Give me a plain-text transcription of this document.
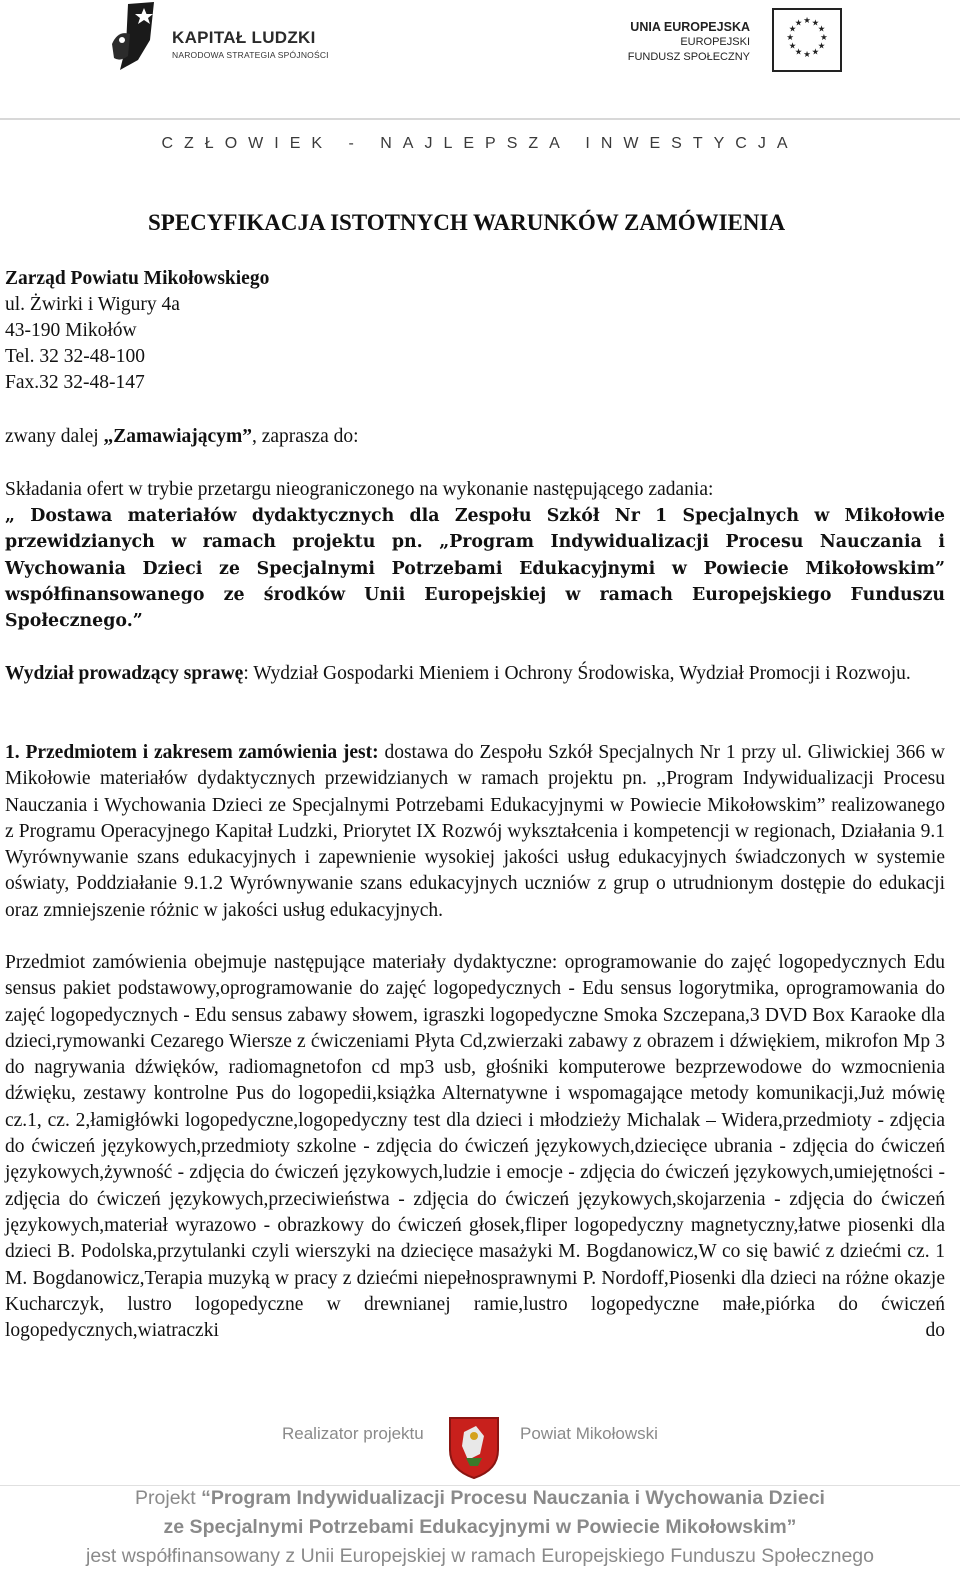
KAPITAŁ LUDZKI
NARODOWA STRATEGIA SPÓJNOŚCI
UNIA EUROPEJSKA
EUROPEJSKI
FUNDUSZ SPOŁECZNY
★ ★
★
★
★
★
★
★
★
★
★
★
CZŁOWIEK - NAJLEPSZA INWESTYCJA
SPECYFIKACJA ISTOTNYCH WARUNKÓW ZAMÓWIENIA
Zarząd Powiatu Mikołowskiego
ul. Żwirki i Wigury 4a
43-190 Mikołów
Tel. 32 32-48-100
Fax.32 32-48-147
zwany dalej „Zamawiającym”, zaprasza do:
Składania ofert w trybie przetargu nieograniczonego na wykonanie następującego zadania:
„ Dostawa materiałów dydaktycznych dla Zespołu Szkół Nr 1 Specjalnych w Mikołowie przewidzianych w ramach projektu pn. „Program Indywidualizacji Procesu Nauczania i Wychowania Dzieci ze Specjalnymi Potrzebami Edukacyjnymi w Powiecie Mikołowskim” współfinansowanego ze środków Unii Europejskiej w ramach Europejskiego Funduszu Społecznego.”
Wydział prowadzący sprawę: Wydział Gospodarki Mieniem i Ochrony Środowiska, Wydział Promocji i Rozwoju.
1. Przedmiotem i zakresem zamówienia jest: dostawa do Zespołu Szkół Specjalnych Nr 1 przy ul. Gliwickiej 366 w Mikołowie materiałów dydaktycznych przewidzianych w ramach projektu pn. ,,Program Indywidualizacji Procesu Nauczania i Wychowania Dzieci ze Specjalnymi Potrzebami Edukacyjnymi w Powiecie Mikołowskim” realizowanego z Programu Operacyjnego Kapitał Ludzki, Priorytet IX Rozwój wykształcenia i kompetencji w regionach, Działania 9.1 Wyrównywanie szans edukacyjnych i zapewnienie wysokiej jakości usług edukacyjnych świadczonych w systemie oświaty, Poddziałanie 9.1.2 Wyrównywanie szans edukacyjnych uczniów z grup o utrudnionym dostępie do edukacji oraz zmniejszenie różnic w jakości usług edukacyjnych.
Przedmiot zamówienia obejmuje następujące materiały dydaktyczne: oprogramowanie do zajęć logopedycznych Edu sensus pakiet podstawowy,oprogramowanie do zajęć logopedycznych - Edu sensus logorytmika, oprogramowania do zajęć logopedycznych - Edu sensus zabawy słowem, igraszki logopedyczne Smoka Szczepana,3 DVD Box Karaoke dla dzieci,rymowanki Cezarego Wiersze z ćwiczeniami Płyta Cd,zwierzaki zabawy z obrazem i dźwiękiem, mikrofon Mp 3 do nagrywania dźwięków, radiomagnetofon cd mp3 usb, głośniki komputerowe bezprzewodowe do wzmocnienia dźwięku, zestawy kontrolne Pus do logopedii,książka Alternatywne i wspomagające metody komunikacji,Już mówię cz.1, cz. 2,łamigłówki logopedyczne,logopedyczny test dla dzieci i młodzieży Michalak – Widera,przedmioty - zdjęcia do ćwiczeń językowych,przedmioty szkolne - zdjęcia do ćwiczeń językowych,dziecięce ubrania - zdjęcia do ćwiczeń językowych,żywność - zdjęcia do ćwiczeń językowych,ludzie i emocje - zdjęcia do ćwiczeń językowych,umiejętności - zdjęcia do ćwiczeń językowych,przeciwieństwa - zdjęcia do ćwiczeń językowych,skojarzenia - zdjęcia do ćwiczeń językowych,materiał wyrazowo - obrazkowy do ćwiczeń głosek,fliper logopedyczny magnetyczny,łatwe piosenki dla dzieci B. Podolska,przytulanki czyli wierszyki na dziecięce masażyki M. Bogdanowicz,W co się bawić z dziećmi cz. 1 M. Bogdanowicz,Terapia muzyką w pracy z dziećmi niepełnosprawnymi P. Nordoff,Piosenki dla dzieci na różne okazje Kucharczyk, lustro logopedyczne w drewnianej ramie,lustro logopedyczne małe,piórka do ćwiczeń logopedycznych,wiatraczki do
Realizator projektu	Powiat Mikołowski
Projekt “Program Indywidualizacji Procesu Nauczania i Wychowania Dzieci
ze Specjalnymi Potrzebami Edukacyjnymi w Powiecie Mikołowskim”
jest współfinansowany z Unii Europejskiej w ramach Europejskiego Funduszu Społecznego
